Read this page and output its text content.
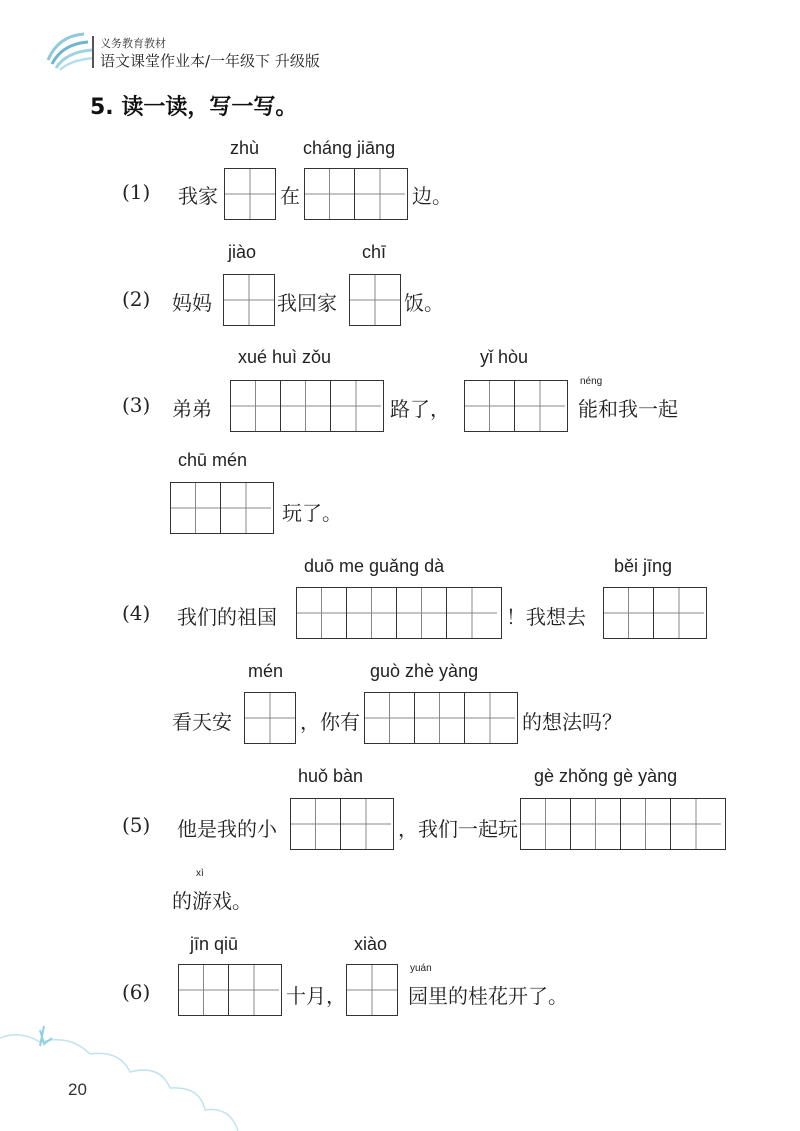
义务教育教材
语文课堂作业本/一年级下 升级版
5. 读一读，写一写。
(1) 我家
zhù
在
cháng jiāng
边。
(2) 妈妈
jiào
我回家
chī
饭。
(3) 弟弟
xué huì zǒu
路了，
yǐ hòu
néng
能和我一起
chū mén
玩了。
(4) 我们的祖国
duō me guǎng dà
！我想去
běi jīng
看天安
mén
，你有
guò zhè yàng
的想法吗？
(5) 他是我的小
huǒ bàn
，我们一起玩
gè zhǒng gè yàng
xì
的游戏。
(6)
jīn qiū
十月，
xiào
yuán
园里的桂花开了。
20
